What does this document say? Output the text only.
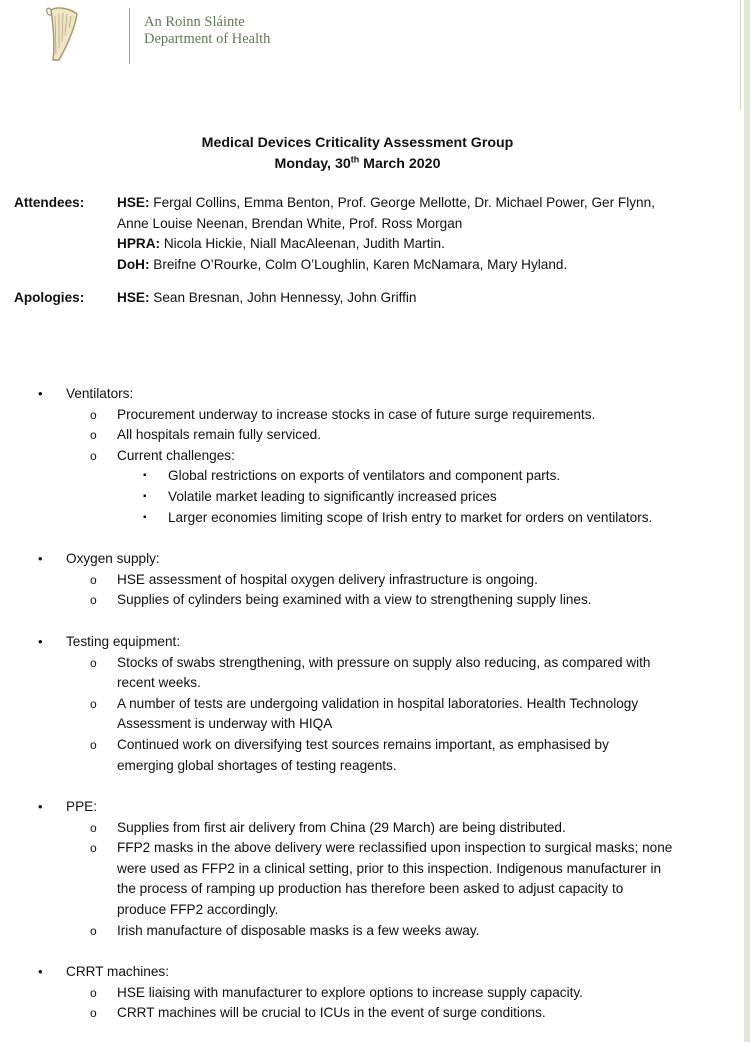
An Roinn Sláinte
Department of Health
Medical Devices Criticality Assessment Group
Monday, 30th March 2020
Attendees: HSE: Fergal Collins, Emma Benton, Prof. George Mellotte, Dr. Michael Power, Ger Flynn,
Anne Louise Neenan, Brendan White, Prof. Ross Morgan
HPRA: Nicola Hickie, Niall MacAleenan, Judith Martin.
DoH: Breifne O’Rourke, Colm O’Loughlin, Karen McNamara, Mary Hyland.
Apologies: HSE: Sean Bresnan, John Hennessy, John Griffin
• Ventilators:
o Procurement underway to increase stocks in case of future surge requirements.
o All hospitals remain fully serviced.
o Current challenges:
▪ Global restrictions on exports of ventilators and component parts.
▪ Volatile market leading to significantly increased prices
▪ Larger economies limiting scope of Irish entry to market for orders on ventilators.
• Oxygen supply:
o HSE assessment of hospital oxygen delivery infrastructure is ongoing.
o Supplies of cylinders being examined with a view to strengthening supply lines.
• Testing equipment:
o Stocks of swabs strengthening, with pressure on supply also reducing, as compared with
recent weeks.
o A number of tests are undergoing validation in hospital laboratories. Health Technology
Assessment is underway with HIQA
o Continued work on diversifying test sources remains important, as emphasised by
emerging global shortages of testing reagents.
• PPE:
o Supplies from first air delivery from China (29 March) are being distributed.
o FFP2 masks in the above delivery were reclassified upon inspection to surgical masks; none
were used as FFP2 in a clinical setting, prior to this inspection. Indigenous manufacturer in
the process of ramping up production has therefore been asked to adjust capacity to
produce FFP2 accordingly.
o Irish manufacture of disposable masks is a few weeks away.
• CRRT machines:
o HSE liaising with manufacturer to explore options to increase supply capacity.
o CRRT machines will be crucial to ICUs in the event of surge conditions.
